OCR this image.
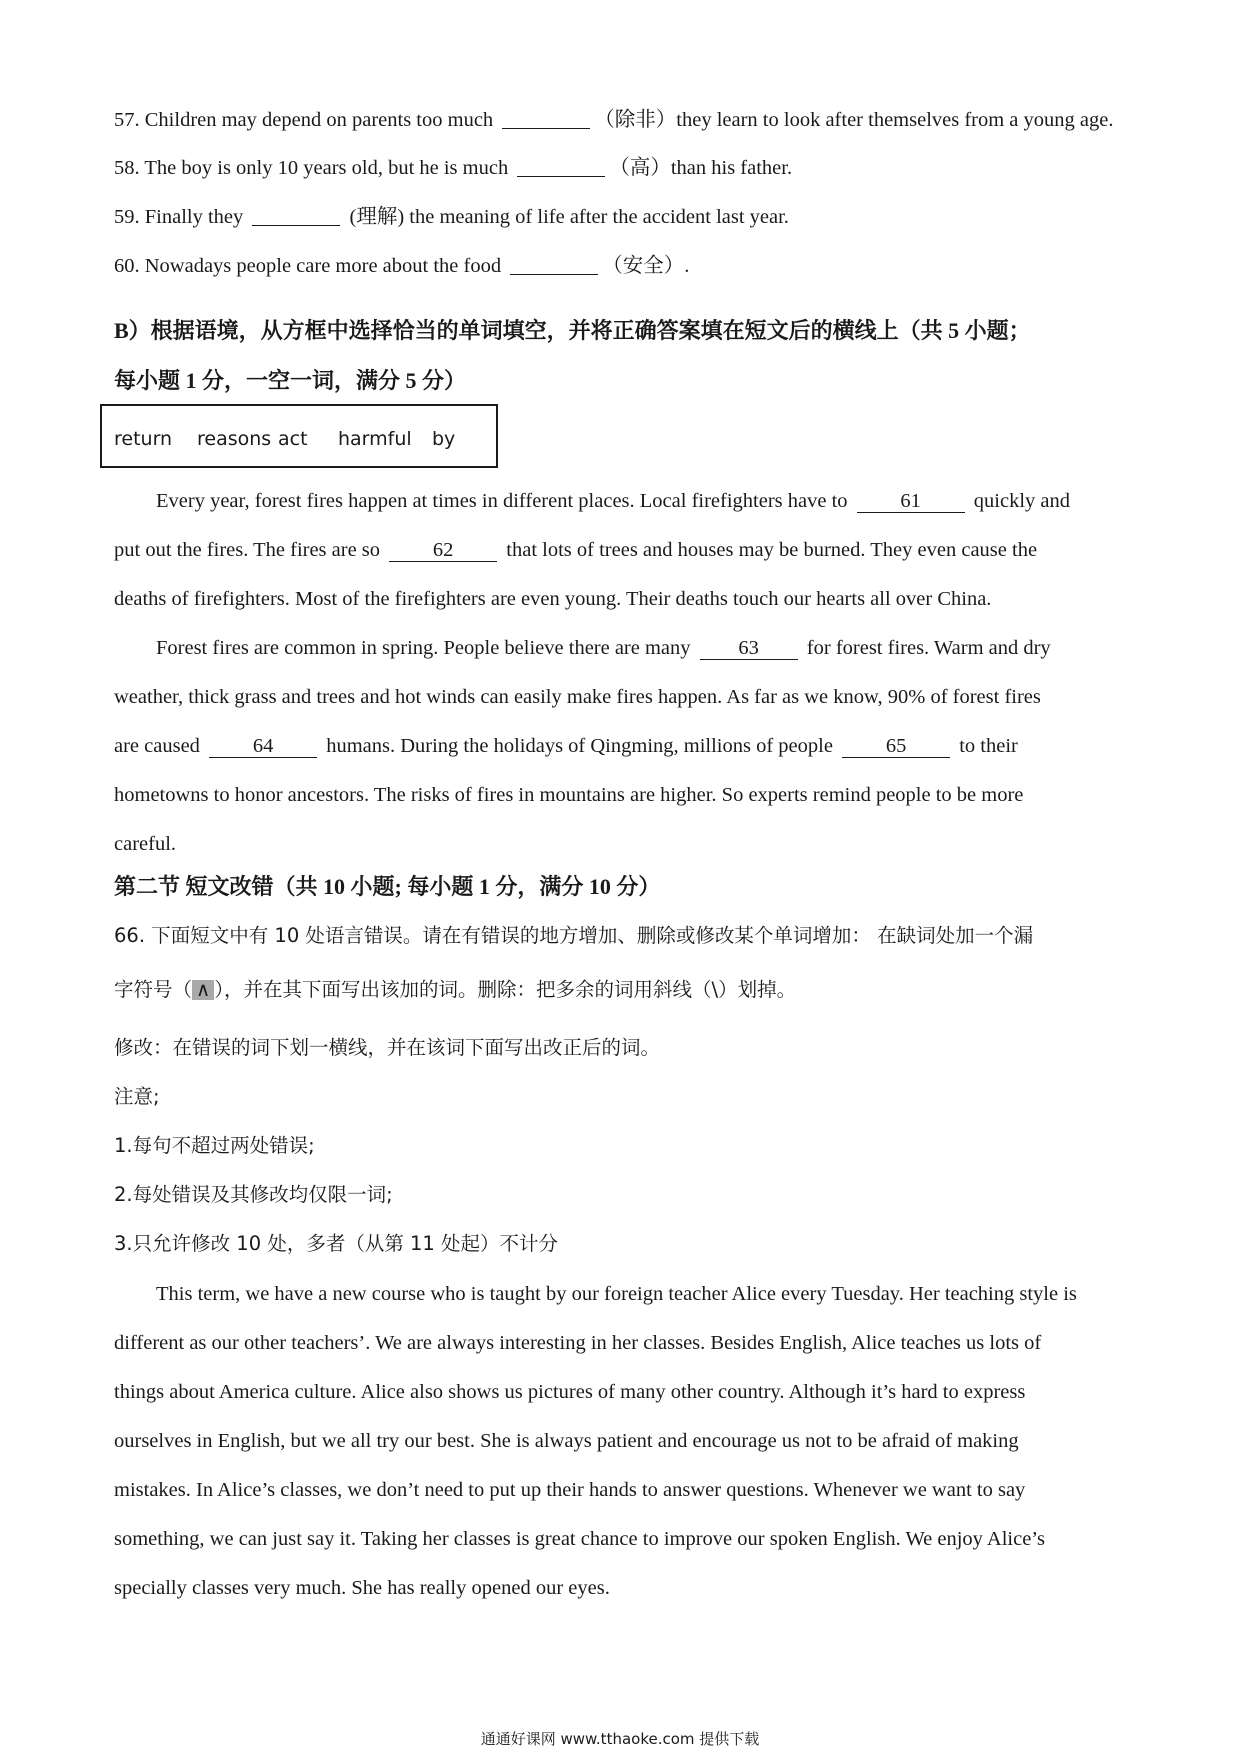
57. Children may depend on parents too much	（除非）they learn to look after themselves from a young age.
58. The boy is only 10 years old, but he is much	（高）than his father.
59. Finally they	(理解) the meaning of life after the accident last year.
60. Nowadays people care more about the food	（安全）.
B）根据语境，从方框中选择恰当的单词填空，并将正确答案填在短文后的横线上（共 5 小题；
每小题 1 分，一空一词，满分 5 分）
return reasons act harmful by
Every year, forest fires happen at times in different places. Local firefighters have to 61 quickly and
put out the fires. The fires are so 62 that lots of trees and houses may be burned. They even cause the
deaths of firefighters. Most of the firefighters are even young. Their deaths touch our hearts all over China.
Forest fires are common in spring. People believe there are many 63 for forest fires. Warm and dry
weather, thick grass and trees and hot winds can easily make fires happen. As far as we know, 90% of forest fires
are caused 64 humans. During the holidays of Qingming, millions of people 65 to their
hometowns to honor ancestors. The risks of fires in mountains are higher. So experts remind people to be more
careful.
第二节 短文改错（共 10 小题; 每小题 1 分，满分 10 分）
66. 下面短文中有 10 处语言错误。请在有错误的地方增加、删除或修改某个单词增加： 在缺词处加一个漏
字符号（ ∧ ），并在其下面写出该加的词。删除：把多余的词用斜线（\）划掉。
修改：在错误的词下划一横线，并在该词下面写出改正后的词。
注意;
1.每句不超过两处错误;
2.每处错误及其修改均仅限一词;
3.只允许修改 10 处，多者（从第 11 处起）不计分
This term, we have a new course who is taught by our foreign teacher Alice every Tuesday. Her teaching style is
different as our other teachers’. We are always interesting in her classes. Besides English, Alice teaches us lots of
things about America culture. Alice also shows us pictures of many other country. Although it’s hard to express
ourselves in English, but we all try our best. She is always patient and encourage us not to be afraid of making
mistakes. In Alice’s classes, we don’t need to put up their hands to answer questions. Whenever we want to say
something, we can just say it. Taking her classes is great chance to improve our spoken English. We enjoy Alice’s
specially classes very much. She has really opened our eyes.
通通好课网 www.tthaoke.com 提供下载
